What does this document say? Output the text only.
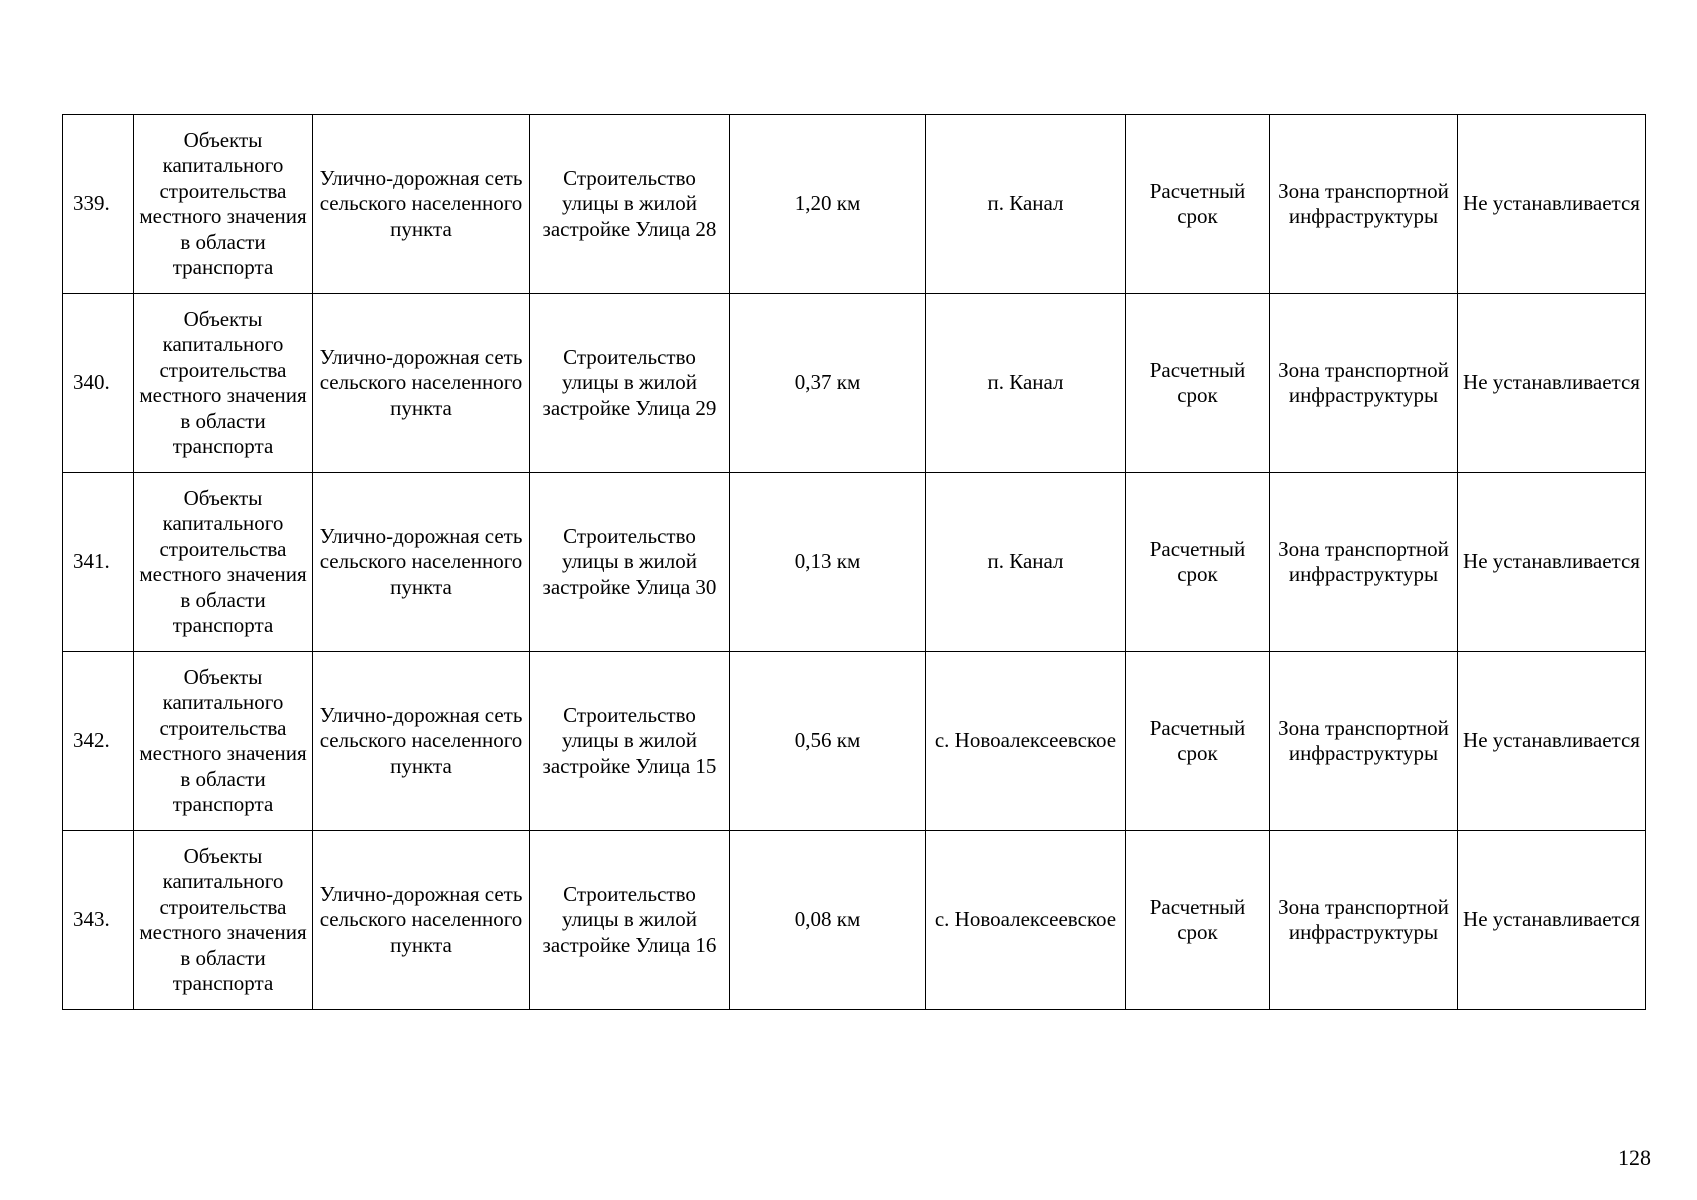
339.	Объекты капитального строительства местного значения в области транспорта	Улично-дорожная сеть сельского населенного пункта	Строительство улицы в жилой застройке Улица 28	1,20 км	п. Канал	Расчетный срок	Зона транспортной инфраструктуры	Не устанавливается
340.	Объекты капитального строительства местного значения в области транспорта	Улично-дорожная сеть сельского населенного пункта	Строительство улицы в жилой застройке Улица 29	0,37 км	п. Канал	Расчетный срок	Зона транспортной инфраструктуры	Не устанавливается
341.	Объекты капитального строительства местного значения в области транспорта	Улично-дорожная сеть сельского населенного пункта	Строительство улицы в жилой застройке Улица 30	0,13 км	п. Канал	Расчетный срок	Зона транспортной инфраструктуры	Не устанавливается
342.	Объекты капитального строительства местного значения в области транспорта	Улично-дорожная сеть сельского населенного пункта	Строительство улицы в жилой застройке Улица 15	0,56 км	с. Новоалексеевское	Расчетный срок	Зона транспортной инфраструктуры	Не устанавливается
343.	Объекты капитального строительства местного значения в области транспорта	Улично-дорожная сеть сельского населенного пункта	Строительство улицы в жилой застройке Улица 16	0,08 км	с. Новоалексеевское	Расчетный срок	Зона транспортной инфраструктуры	Не устанавливается
128
